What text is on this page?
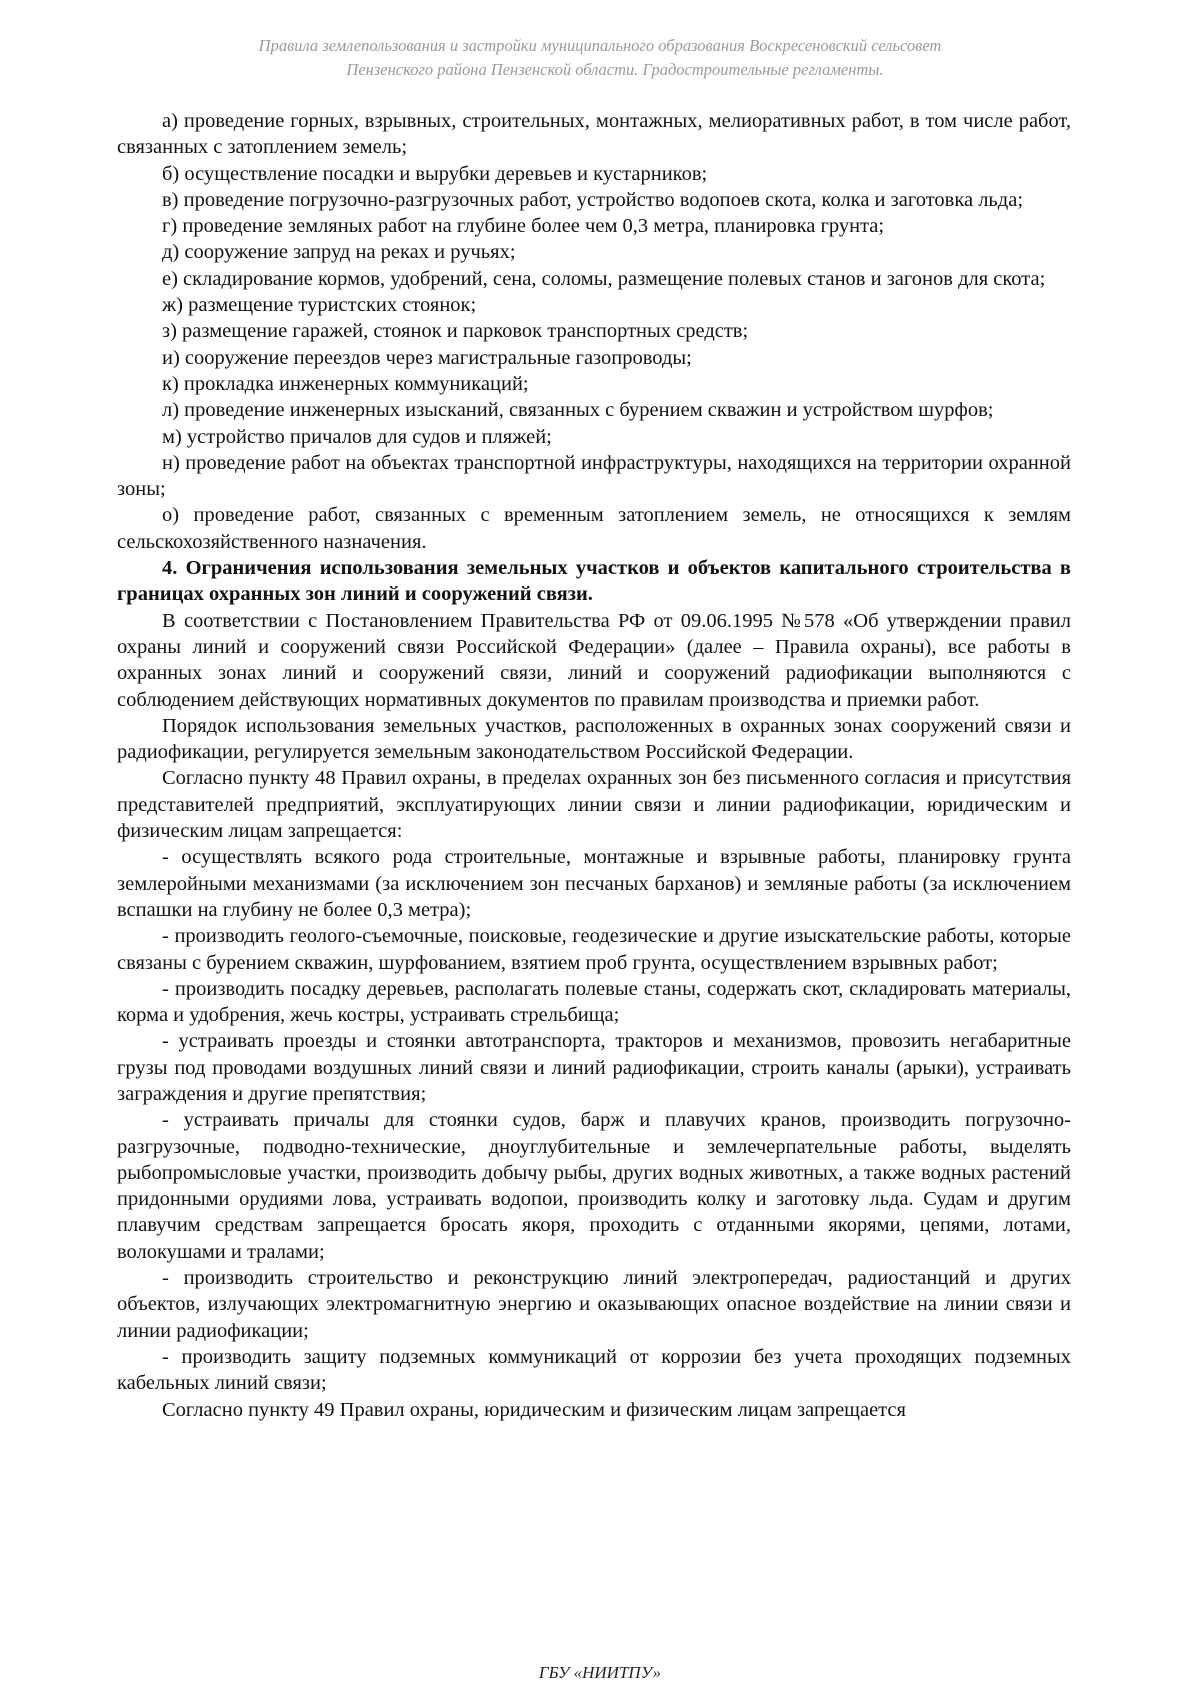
Правила землепользования и застройки муниципального образования Воскресеновский сельсовет
Пензенского района Пензенской области. Градостроительные регламенты.

а) проведение горных, взрывных, строительных, монтажных, мелиоративных работ, в том числе работ, связанных с затоплением земель;

б) осуществление посадки и вырубки деревьев и кустарников;

в) проведение погрузочно-разгрузочных работ, устройство водопоев скота, колка и заготовка льда;

г) проведение земляных работ на глубине более чем 0,3 метра, планировка грунта;

д) сооружение запруд на реках и ручьях;

е) складирование кормов, удобрений, сена, соломы, размещение полевых станов и загонов для скота;

ж) размещение туристских стоянок;

з) размещение гаражей, стоянок и парковок транспортных средств;

и) сооружение переездов через магистральные газопроводы;

к) прокладка инженерных коммуникаций;

л) проведение инженерных изысканий, связанных с бурением скважин и устройством шурфов;

м) устройство причалов для судов и пляжей;

н) проведение работ на объектах транспортной инфраструктуры, находящихся на территории охранной зоны;

о) проведение работ, связанных с временным затоплением земель, не относящихся к землям сельскохозяйственного назначения.

4. Ограничения использования земельных участков и объектов капитального строительства в границах охранных зон линий и сооружений связи.

В соответствии с Постановлением Правительства РФ от 09.06.1995 №578 «Об утверждении правил охраны линий и сооружений связи Российской Федерации» (далее – Правила охраны), все работы в охранных зонах линий и сооружений связи, линий и сооружений радиофикации выполняются с соблюдением действующих нормативных документов по правилам производства и приемки работ.

Порядок использования земельных участков, расположенных в охранных зонах сооружений связи и радиофикации, регулируется земельным законодательством Российской Федерации.

Согласно пункту 48 Правил охраны, в пределах охранных зон без письменного согласия и присутствия представителей предприятий, эксплуатирующих линии связи и линии радиофикации, юридическим и физическим лицам запрещается:

- осуществлять всякого рода строительные, монтажные и взрывные работы, планировку грунта землеройными механизмами (за исключением зон песчаных барханов) и земляные работы (за исключением вспашки на глубину не более 0,3 метра);

- производить геолого-съемочные, поисковые, геодезические и другие изыскательские работы, которые связаны с бурением скважин, шурфованием, взятием проб грунта, осуществлением взрывных работ;

- производить посадку деревьев, располагать полевые станы, содержать скот, складировать материалы, корма и удобрения, жечь костры, устраивать стрельбища;

- устраивать проезды и стоянки автотранспорта, тракторов и механизмов, провозить негабаритные грузы под проводами воздушных линий связи и линий радиофикации, строить каналы (арыки), устраивать заграждения и другие препятствия;

- устраивать причалы для стоянки судов, барж и плавучих кранов, производить погрузочно-разгрузочные, подводно-технические, дноуглубительные и землечерпательные работы, выделять рыбопромысловые участки, производить добычу рыбы, других водных животных, а также водных растений придонными орудиями лова, устраивать водопои, производить колку и заготовку льда. Судам и другим плавучим средствам запрещается бросать якоря, проходить с отданными якорями, цепями, лотами, волокушами и тралами;

- производить строительство и реконструкцию линий электропередач, радиостанций и других объектов, излучающих электромагнитную энергию и оказывающих опасное воздействие на линии связи и линии радиофикации;

- производить защиту подземных коммуникаций от коррозии без учета проходящих подземных кабельных линий связи;

Согласно пункту 49 Правил охраны, юридическим и физическим лицам запрещается

ГБУ «НИИТПУ»
